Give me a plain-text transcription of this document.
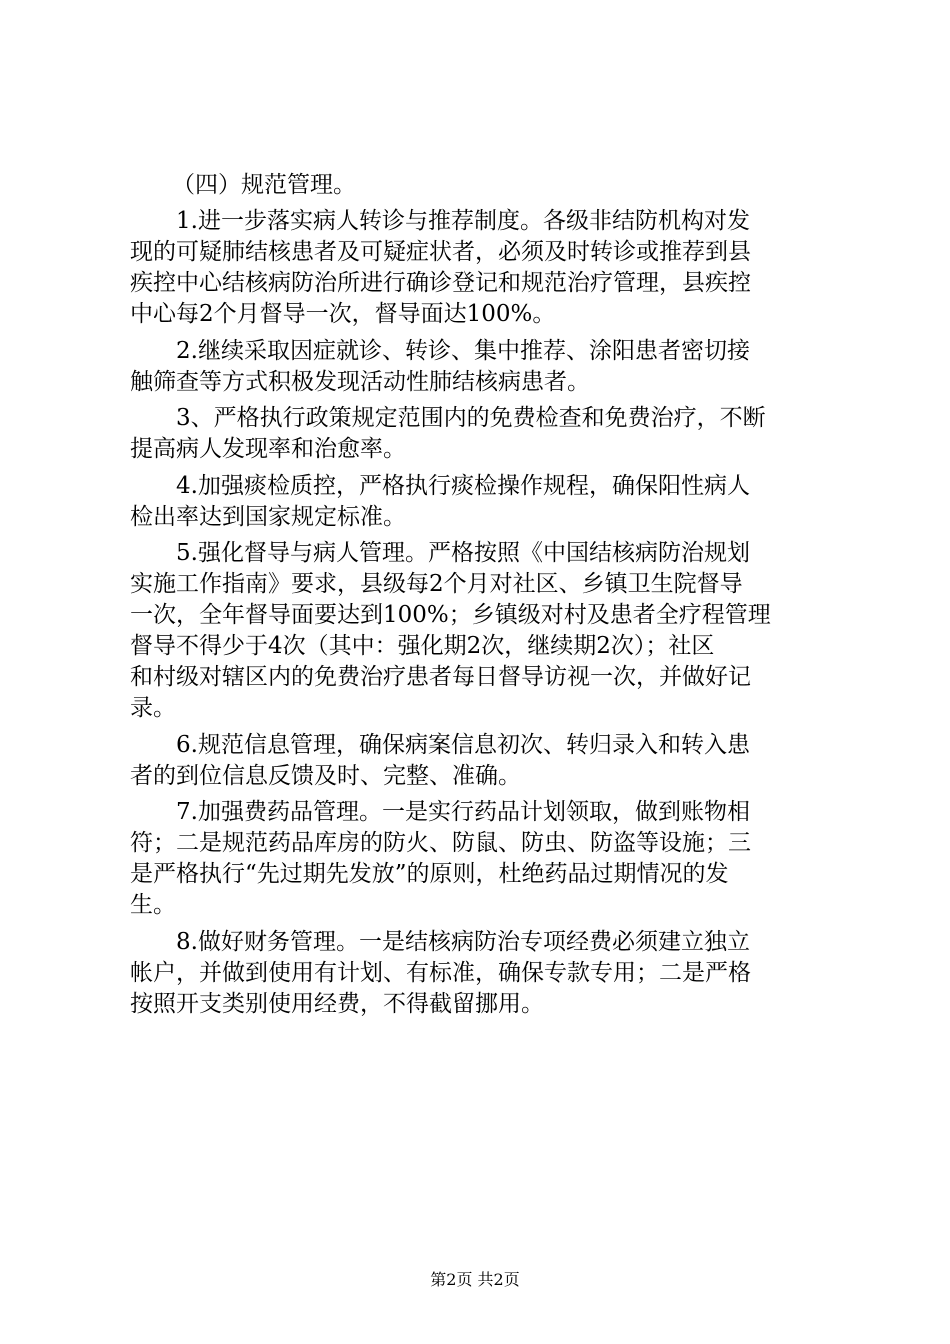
（四）规范管理。
1.进一步落实病人转诊与推荐制度。各级非结防机构对发
现的可疑肺结核患者及可疑症状者，必须及时转诊或推荐到县
疾控中心结核病防治所进行确诊登记和规范治疗管理，县疾控
中心每2个月督导一次，督导面达100%。
2.继续采取因症就诊、转诊、集中推荐、涂阳患者密切接
触筛查等方式积极发现活动性肺结核病患者。
3、严格执行政策规定范围内的免费检查和免费治疗，不断
提高病人发现率和治愈率。
4.加强痰检质控，严格执行痰检操作规程，确保阳性病人
检出率达到国家规定标准。
5.强化督导与病人管理。严格按照《中国结核病防治规划
实施工作指南》要求，县级每2个月对社区、乡镇卫生院督导
一次，全年督导面要达到100%；乡镇级对村及患者全疗程管理
督导不得少于4次（其中：强化期2次，继续期2次）；社区
和村级对辖区内的免费治疗患者每日督导访视一次，并做好记
录。
6.规范信息管理，确保病案信息初次、转归录入和转入患
者的到位信息反馈及时、完整、准确。
7.加强费药品管理。一是实行药品计划领取，做到账物相
符；二是规范药品库房的防火、防鼠、防虫、防盗等设施；三
是严格执行“先过期先发放”的原则，杜绝药品过期情况的发
生。
8.做好财务管理。一是结核病防治专项经费必须建立独立
帐户，并做到使用有计划、有标准，确保专款专用；二是严格
按照开支类别使用经费，不得截留挪用。
第2页 共2页
